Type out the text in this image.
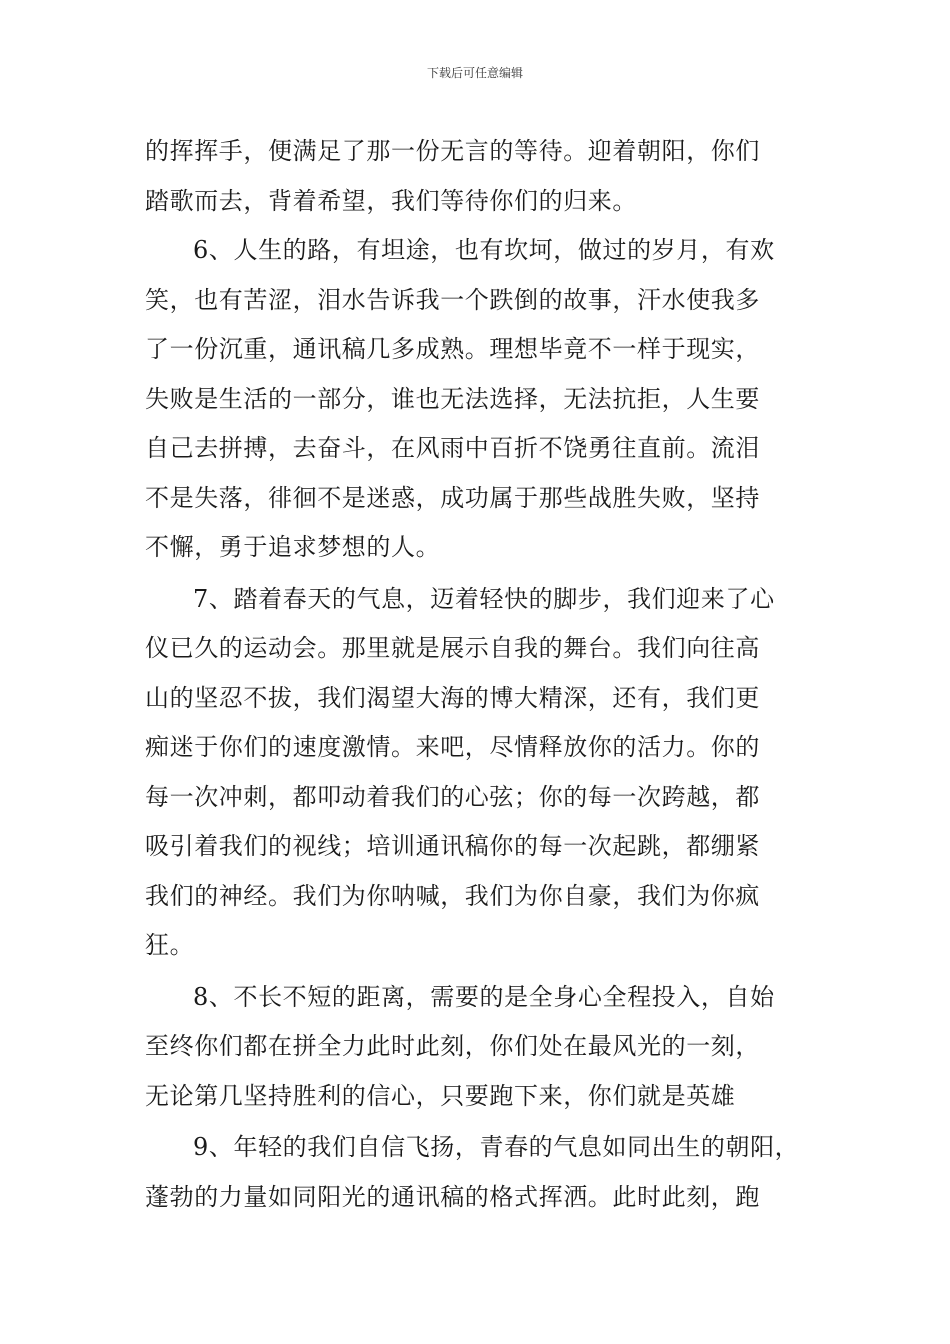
下载后可任意编辑
的挥挥手，便满足了那一份无言的等待。迎着朝阳，你们
踏歌而去，背着希望，我们等待你们的归来。
6、人生的路，有坦途，也有坎坷，做过的岁月，有欢
笑，也有苦涩，泪水告诉我一个跌倒的故事，汗水使我多
了一份沉重，通讯稿几多成熟。理想毕竟不一样于现实，
失败是生活的一部分，谁也无法选择，无法抗拒，人生要
自己去拼搏，去奋斗，在风雨中百折不饶勇往直前。流泪
不是失落，徘徊不是迷惑，成功属于那些战胜失败，坚持
不懈，勇于追求梦想的人。
7、踏着春天的气息，迈着轻快的脚步，我们迎来了心
仪已久的运动会。那里就是展示自我的舞台。我们向往高
山的坚忍不拔，我们渴望大海的博大精深，还有，我们更
痴迷于你们的速度激情。来吧，尽情释放你的活力。你的
每一次冲刺，都叩动着我们的心弦；你的每一次跨越，都
吸引着我们的视线；培训通讯稿你的每一次起跳，都绷紧
我们的神经。我们为你呐喊，我们为你自豪，我们为你疯
狂。
8、不长不短的距离，需要的是全身心全程投入，自始
至终你们都在拼全力此时此刻，你们处在最风光的一刻，
无论第几坚持胜利的信心，只要跑下来，你们就是英雄
9、年轻的我们自信飞扬，青春的气息如同出生的朝阳，
蓬勃的力量如同阳光的通讯稿的格式挥洒。此时此刻，跑
